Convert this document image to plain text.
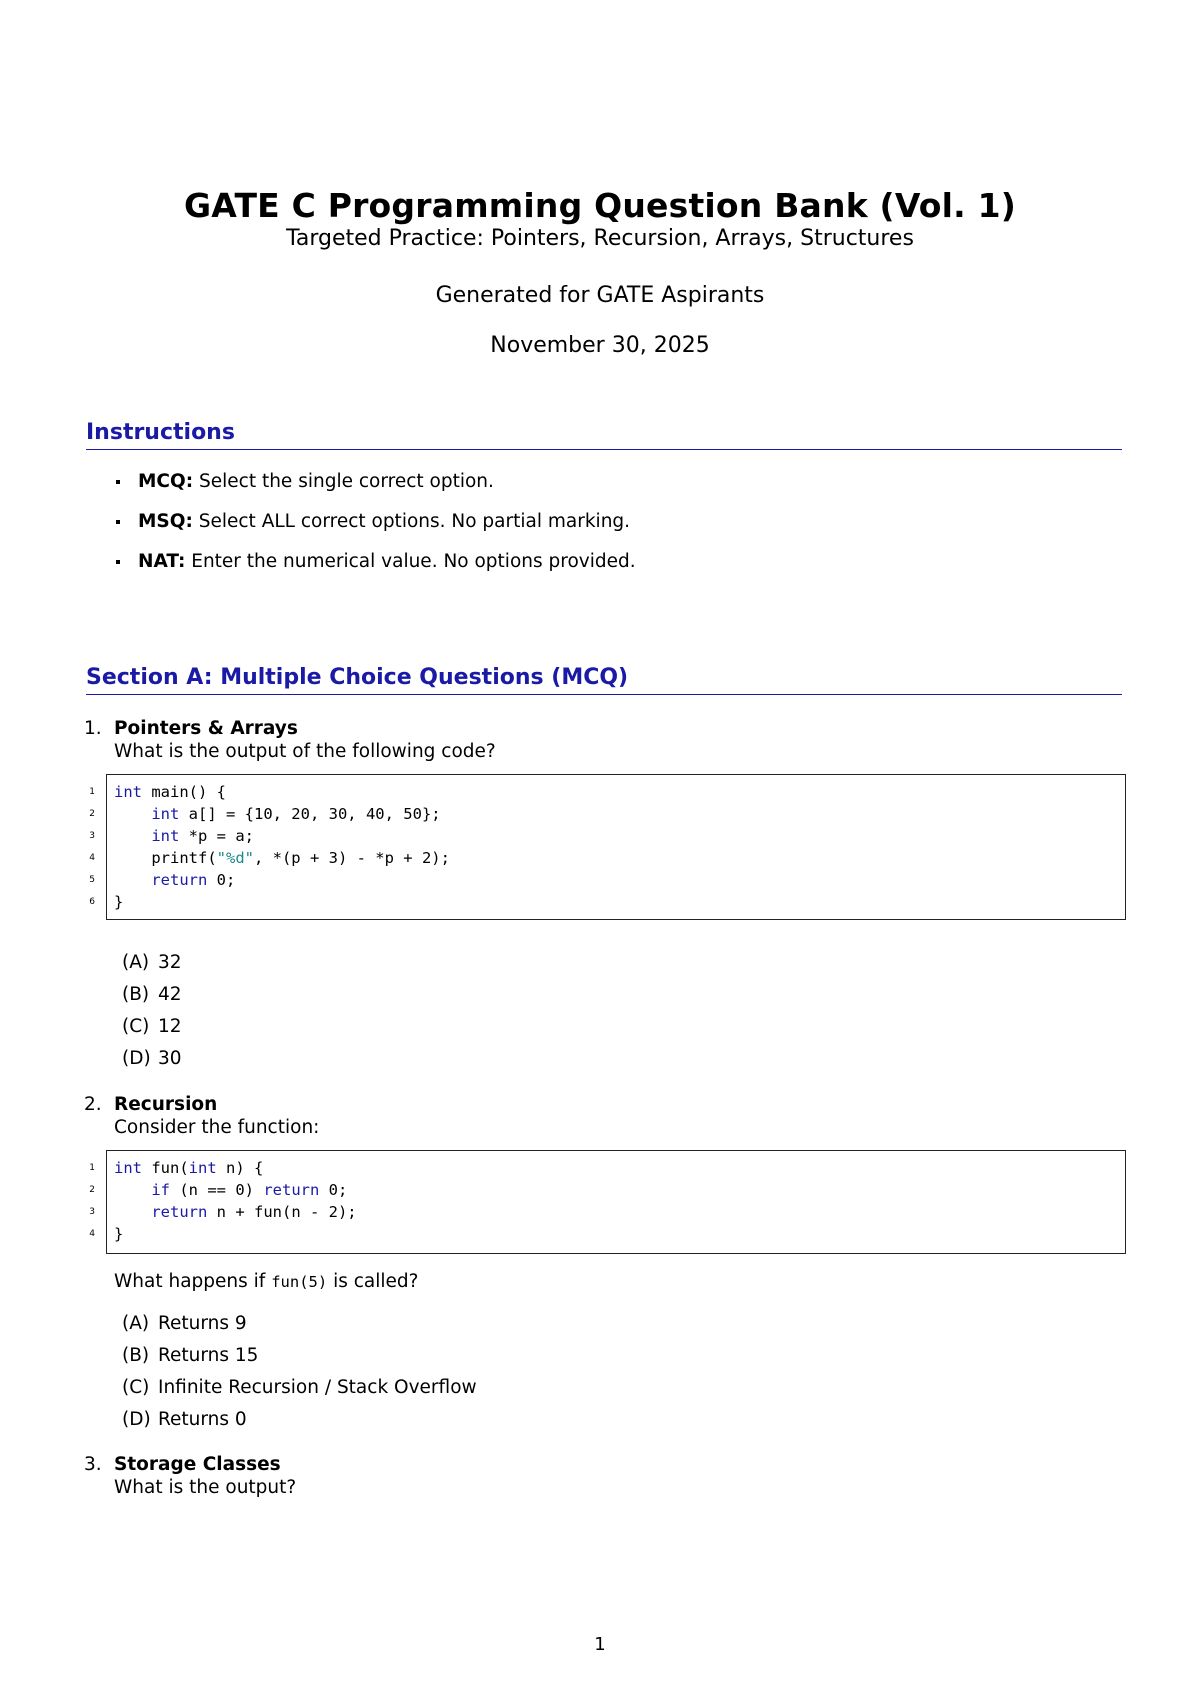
GATE C Programming Question Bank (Vol. 1)
Targeted Practice: Pointers, Recursion, Arrays, Structures
Generated for GATE Aspirants
November 30, 2025
Instructions
MCQ: Select the single correct option.
MSQ: Select ALL correct options. No partial marking.
NAT: Enter the numerical value. No options provided.
Section A: Multiple Choice Questions (MCQ)
1. Pointers & Arrays
What is the output of the following code?
1 int main() {
2	int a[] = {10, 20, 30, 40, 50};
3	int *p = a;
4 printf("%d", *(p + 3) - *p + 2);
5	return 0;
6 }
(A) 32
(B) 42
(C) 12
(D) 30
2. Recursion
Consider the function:
1 int fun(int n) {
2	if (n == 0) return 0;
3	return n + fun(n - 2);
4 }
What happens if fun(5) is called?
(A) Returns 9
(B) Returns 15
(C) Infinite Recursion / Stack Overflow
(D) Returns 0
3. Storage Classes
What is the output?
1
